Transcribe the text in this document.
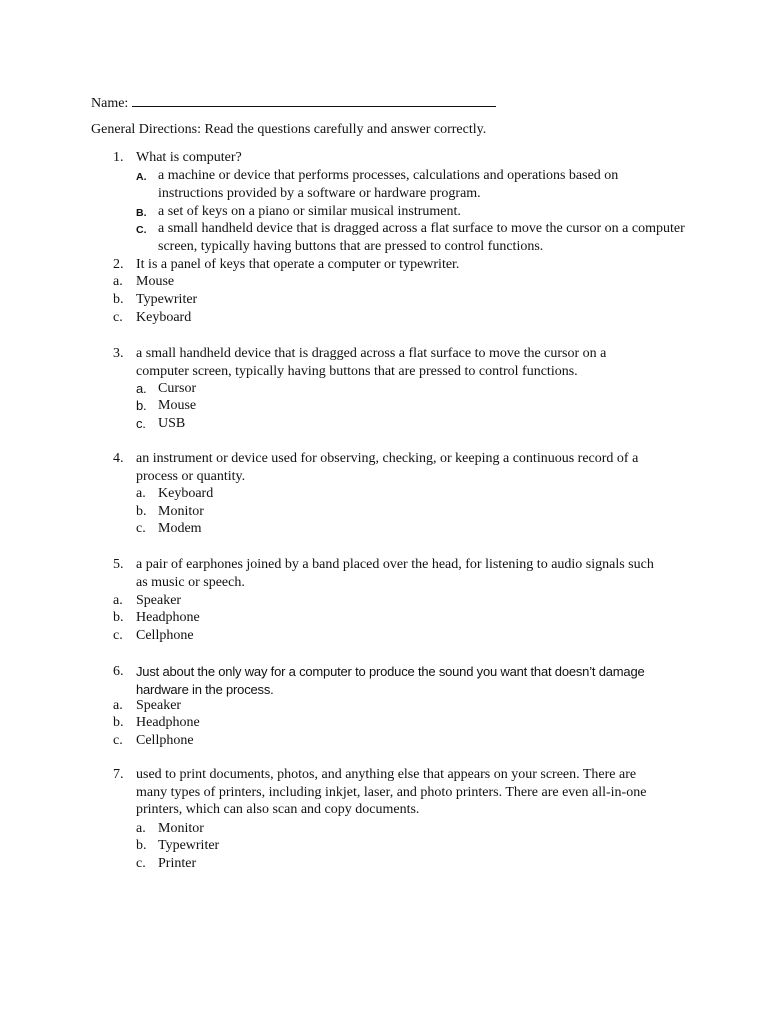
Name:
General Directions: Read the questions carefully and answer correctly.
1. What is computer?
A. a machine or device that performs processes, calculations and operations based on instructions provided by a software or hardware program.
B. a set of keys on a piano or similar musical instrument.
C. a small handheld device that is dragged across a flat surface to move the cursor on a computer screen, typically having buttons that are pressed to control functions.
2. It is a panel of keys that operate a computer or typewriter.
a. Mouse
b. Typewriter
c. Keyboard
3. a small handheld device that is dragged across a flat surface to move the cursor on a computer screen, typically having buttons that are pressed to control functions.
a. Cursor
b. Mouse
c. USB
4. an instrument or device used for observing, checking, or keeping a continuous record of a process or quantity.
a. Keyboard
b. Monitor
c. Modem
5. a pair of earphones joined by a band placed over the head, for listening to audio signals such as music or speech.
a. Speaker
b. Headphone
c. Cellphone
6. Just about the only way for a computer to produce the sound you want that doesn’t damage hardware in the process.
a. Speaker
b. Headphone
c. Cellphone
7. used to print documents, photos, and anything else that appears on your screen. There are many types of printers, including inkjet, laser, and photo printers. There are even all-in-one printers, which can also scan and copy documents.
a. Monitor
b. Typewriter
c. Printer
